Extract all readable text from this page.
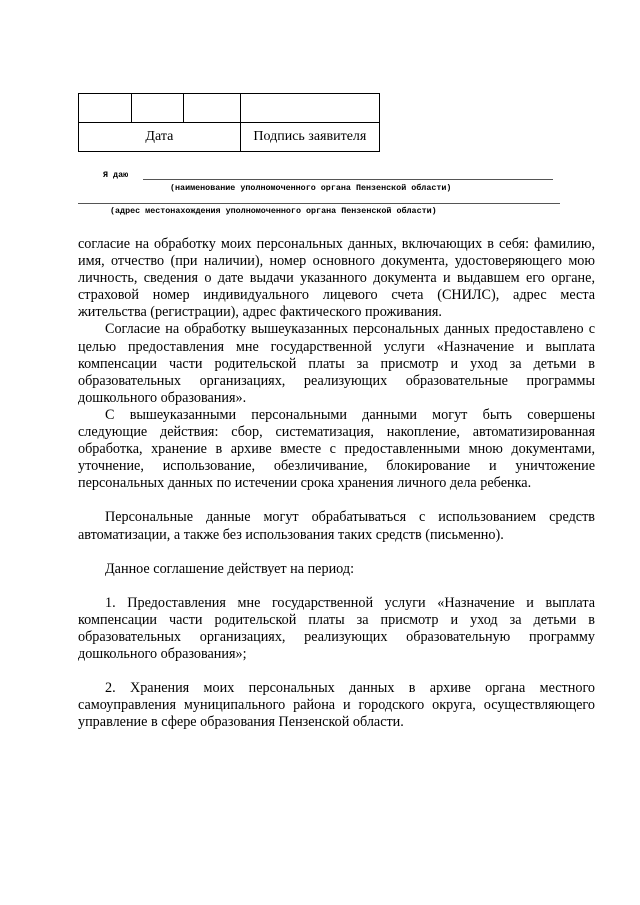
Дата			Подпись заявителя
Я даю
(наименование уполномоченного органа Пензенской области)
(адрес местонахождения уполномоченного органа Пензенской области)

согласие на обработку моих персональных данных, включающих в себя: фамилию, имя, отчество (при наличии), номер основного документа, удостоверяющего мою личность, сведения о дате выдачи указанного документа и выдавшем его органе, страховой номер индивидуального лицевого счета (СНИЛС), адрес места жительства (регистрации), адрес фактического проживания.

Согласие на обработку вышеуказанных персональных данных предоставлено с целью предоставления мне государственной услуги «Назначение и выплата компенсации части родительской платы за присмотр и уход за детьми в образовательных организациях, реализующих образовательные программы дошкольного образования».

С вышеуказанными персональными данными могут быть совершены следующие действия: сбор, систематизация, накопление, автоматизированная обработка, хранение в архиве вместе с предоставленными мною документами, уточнение, использование, обезличивание, блокирование и уничтожение персональных данных по истечении срока хранения личного дела ребенка.

Персональные данные могут обрабатываться с использованием средств автоматизации, а также без использования таких средств (письменно).

Данное соглашение действует на период:

1. Предоставления мне государственной услуги «Назначение и выплата компенсации части родительской платы за присмотр и уход за детьми в образовательных организациях, реализующих образовательную программу дошкольного образования»;

2. Хранения моих персональных данных в архиве органа местного самоуправления муниципального района и городского округа, осуществляющего управление в сфере образования Пензенской области.
